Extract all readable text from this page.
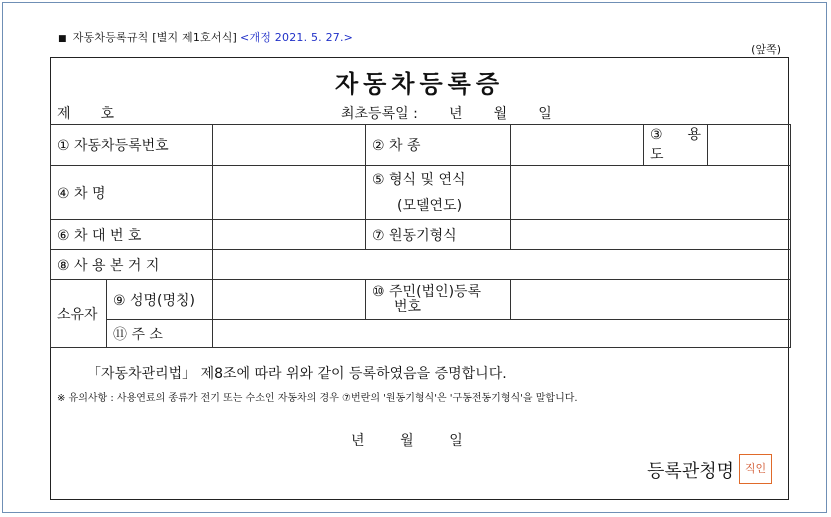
■ 자동차등록규칙 [별지 제1호서식] <개정 2021. 5. 27.>
(앞쪽)
자동차등록증
제호	최초등록일 :       년       월       일
① 자동차등록번호			② 차 종		③ 용
도	

④ 차 명			⑤ 형식 및 연식
(모델연도)			

⑥ 차 대 번 호			⑦ 원동기형식			
⑧ 사 용 본 거 지						
소유자	⑨ 성명(명칭)		⑩ 주민(법인)등록
번호			

	⑪ 주 소					
「자동차관리법」 제8조에 따라 위와 같이 등록하였음을 증명합니다.
※ 유의사항 : 사용연료의 종류가 전기 또는 수소인 자동차의 경우 ⑦번란의 '원동기형식'은 '구동전동기형식'을 말합니다.
년        월        일
등록관청명 직인
